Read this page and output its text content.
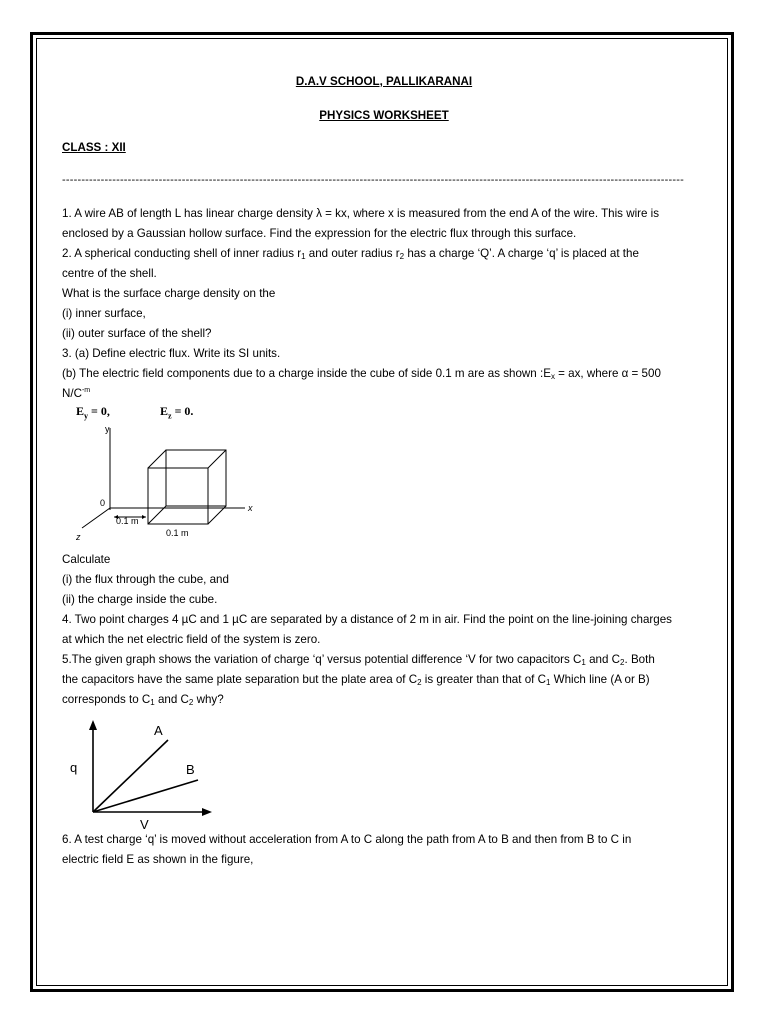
D.A.V SCHOOL, PALLIKARANAI
PHYSICS WORKSHEET
CLASS : XII
-----------------------------------------------------------------------------------------------------------------------------------------------------------------

1. A wire AB of length L has linear charge density λ = kx, where x is measured from the end A of the wire. This wire is

enclosed by a Gaussian hollow surface. Find the expression for the electric flux through this surface.

2. A spherical conducting shell of inner radius $r_1$ and outer radius $r_2$ has a charge ‘Q’. A charge ‘q’ is placed at the

centre of the shell.

What is the surface charge density on the

(i) inner surface,

(ii) outer surface of the shell?

3. (a) Define electric flux. Write its SI units.

(b) The electric field components due to a charge inside the cube of side 0.1 m are as shown $:E_x$ = ax, where α = 500

$N/C^{-m}$

$E_y = 0$,	$E_z = 0$.
y
x
z
0
0.1 m
0.1 m

Calculate

(i) the flux through the cube, and

(ii) the charge inside the cube.

4. Two point charges 4 µC and 1 µC are separated by a distance of 2 m in air. Find the point on the line-joining charges

at which the net electric field of the system is zero.

5.The given graph shows the variation of charge ‘q’ versus potential difference ‘V for two capacitors $C_1$ and $C_2$. Both

the capacitors have the same plate separation but the plate area of $C_2$ is greater than that of $C_1$ Which line (A or B)

corresponds to $C_1$ and $C_2$ why?

q
V
A
B

6. A test charge ‘q’ is moved without acceleration from A to C along the path from A to B and then from B to C in

electric field E as shown in the figure,
